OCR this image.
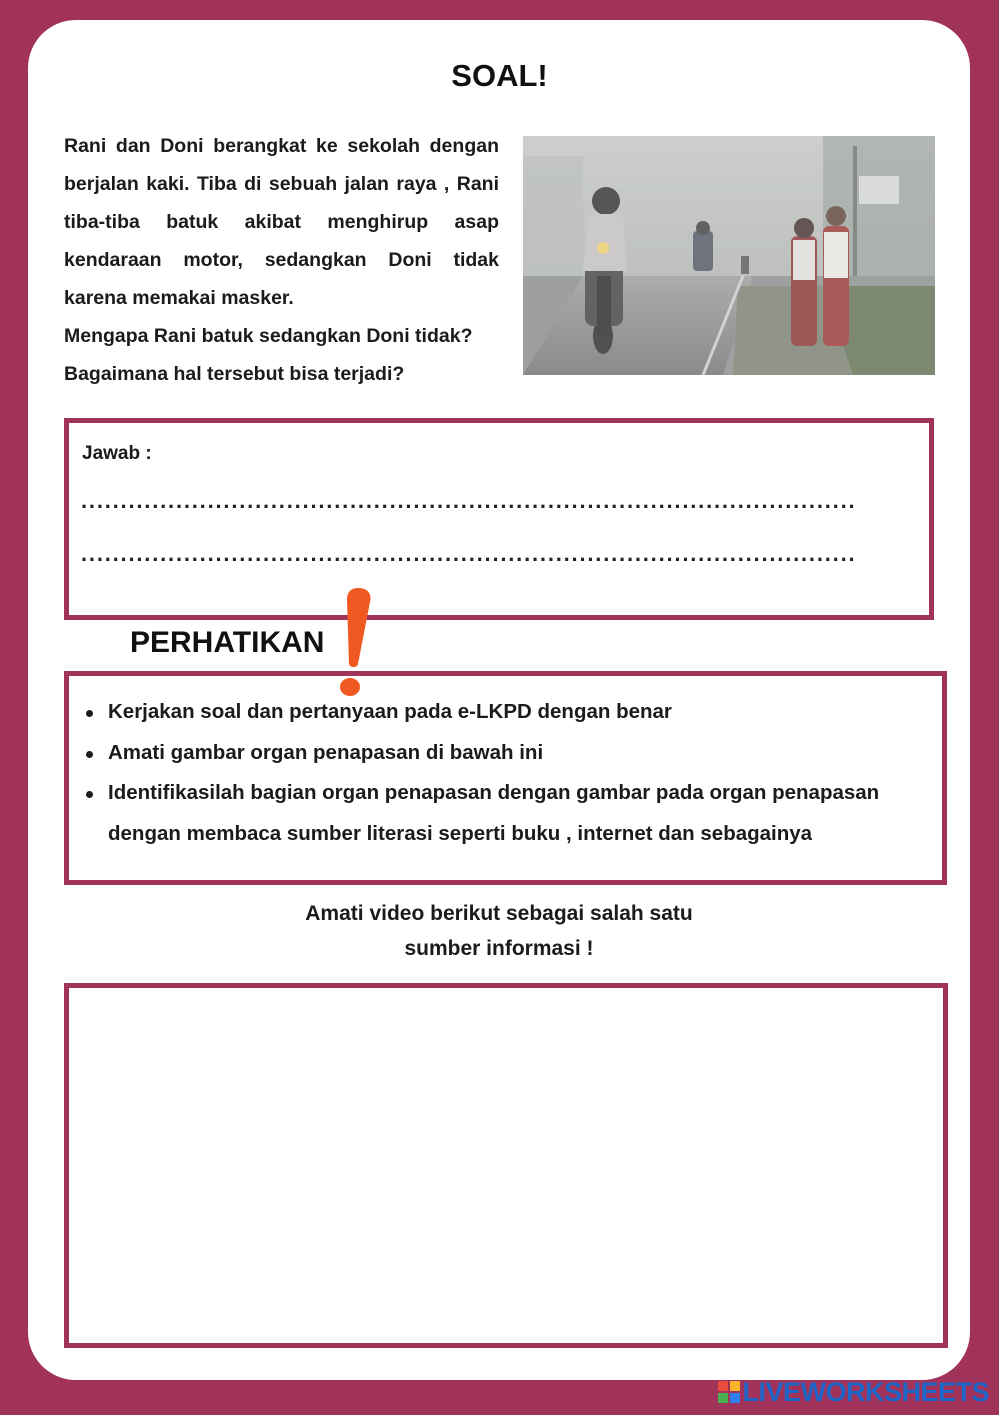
SOAL!

Rani dan Doni berangkat ke sekolah dengan berjalan kaki. Tiba di sebuah jalan raya , Rani tiba-tiba batuk akibat menghirup asap kendaraan motor, sedangkan Doni tidak karena memakai masker.

Mengapa Rani batuk sedangkan Doni tidak?

Bagaimana hal tersebut bisa terjadi?

Jawab :
..................................................................................................
..................................................................................................
Kerjakan soal dan pertanyaan pada e-LKPD dengan benar
Amati gambar organ penapasan di bawah ini
Identifikasilah bagian organ penapasan dengan gambar pada organ penapasan dengan membaca sumber literasi seperti buku , internet dan sebagainya
PERHATIKAN
Amati video berikut sebagai salah satu
sumber informasi !
LIVEWORKSHEETS
